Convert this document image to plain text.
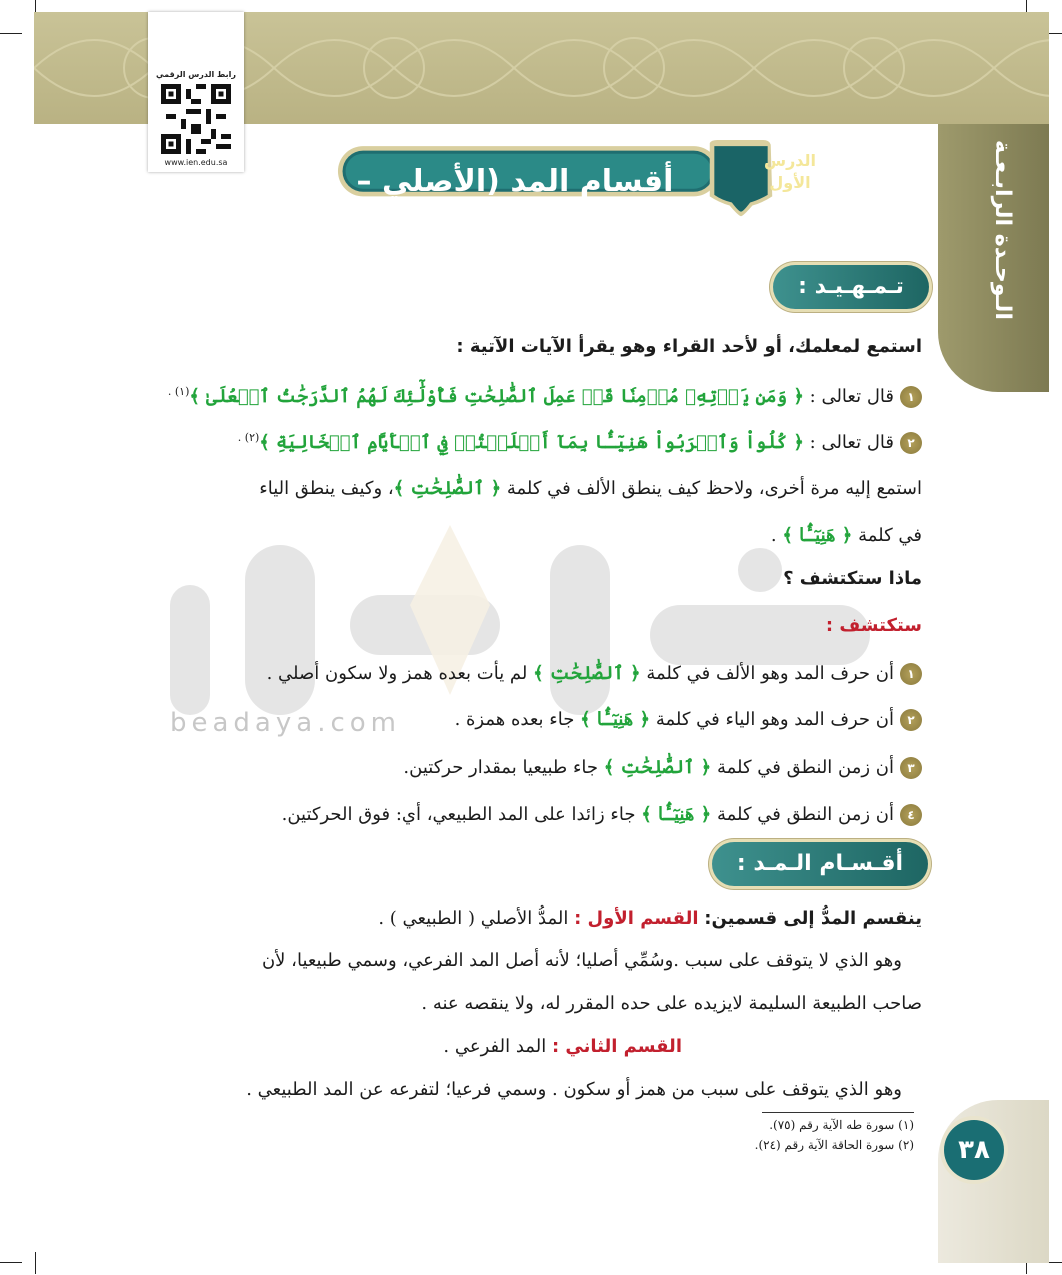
الـوحـدة الرابـعـة
رابط الدرس الرقمي
www.ien.edu.sa
أقسام المد (الأصلي – الفرعي)
الدرس
الأول
beadaya.com
تـمـهـيـد :
استمع لمعلمك، أو لأحد القراء وهو يقرأ الآيات الآتية :
١قال تعالى : ﴿ وَمَن يَأۡتِهِۦ مُؤۡمِنٗا قَدۡ عَمِلَ ٱلصَّٰلِحَٰتِ فَأُوْلَٰٓئِكَ لَهُمُ ٱلدَّرَجَٰتُ ٱلۡعُلَىٰ ﴾$^{(١) .}$
٢قال تعالى : ﴿ كُلُواْ وَٱشۡرَبُواْ هَنِيٓـَٔۢا بِمَآ أَسۡلَفۡتُمۡ فِي ٱلۡأَيَّامِ ٱلۡخَالِيَةِ ﴾$^{(٢) .}$
استمع إليه مرة أخرى، ولاحظ كيف ينطق الألف في كلمة ﴿ ٱلصَّٰلِحَٰتِ ﴾، وكيف ينطق الياء
في كلمة ﴿ هَنِيٓـَٔۢا ﴾ .
ماذا ستكتشف ؟
ستكتشف :
١أن حرف المد وهو الألف في كلمة ﴿ ٱلصَّٰلِحَٰتِ ﴾ لم يأت بعده همز ولا سكون أصلي .
٢أن حرف المد وهو الياء في كلمة ﴿ هَنِيٓـَٔۢا ﴾ جاء بعده همزة .
٣أن زمن النطق في كلمة ﴿ ٱلصَّٰلِحَٰتِ ﴾ جاء طبيعيا بمقدار حركتين.
٤أن زمن النطق في كلمة ﴿ هَنِيٓـَٔۢا ﴾ جاء زائدا على المد الطبيعي، أي: فوق الحركتين.
أقـسـام الـمـد :
ينقسم المدُّ إلى قسمين: القسم الأول : المدُّ الأصلي ( الطبيعي ) .
وهو الذي لا يتوقف على سبب .وسُمِّي أصليا؛ لأنه أصل المد الفرعي، وسمي طبيعيا، لأن
صاحب الطبيعة السليمة لايزيده على حده المقرر له، ولا ينقصه عنه .
القسم الثاني : المد الفرعي .
وهو الذي يتوقف على سبب من همز أو سكون . وسمي فرعيا؛ لتفرعه عن المد الطبيعي .
(١) سورة طه الآية رقم (٧٥).
(٢) سورة الحاقة الآية رقم (٢٤).	٣٨
